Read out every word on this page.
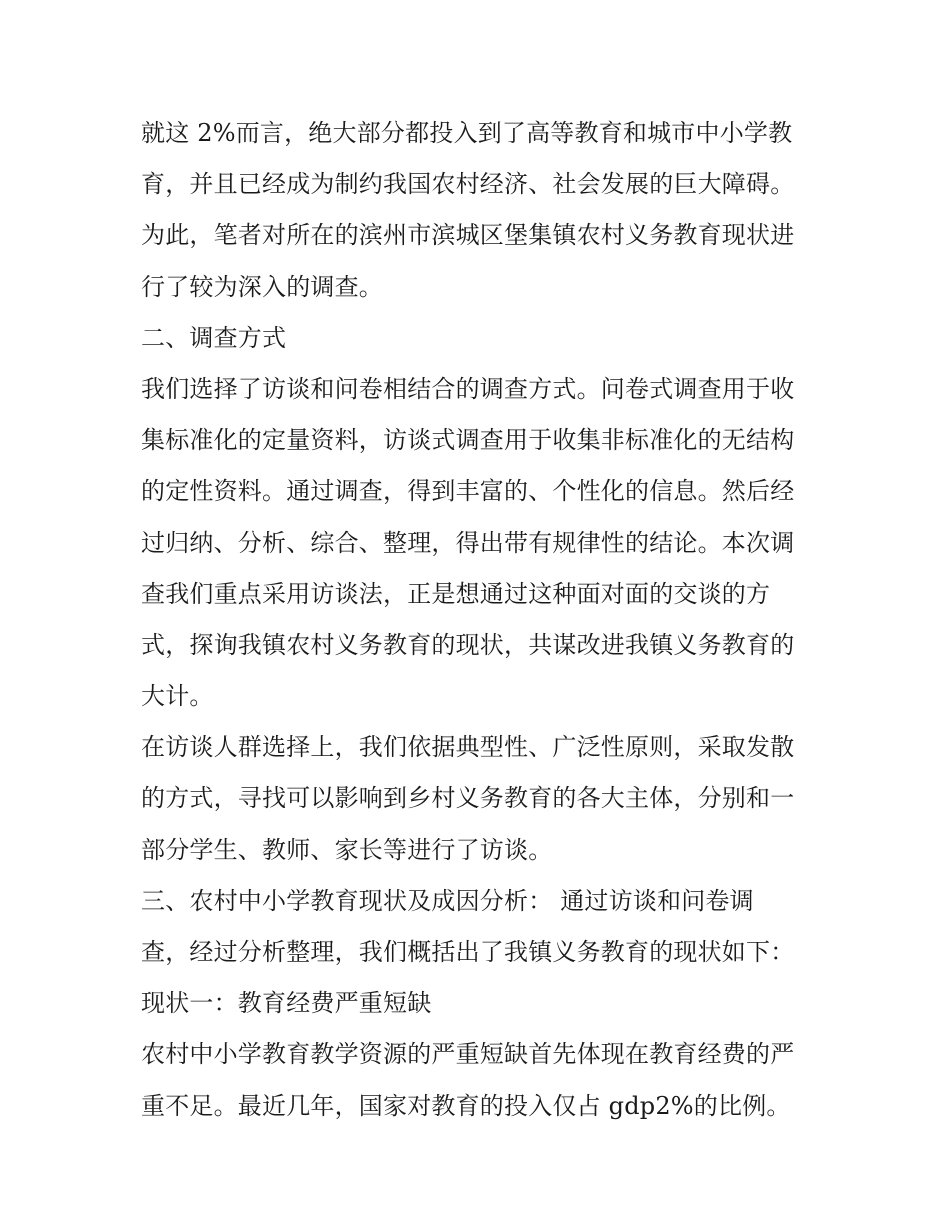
就这 2%而言，绝大部分都投入到了高等教育和城市中小学教
育，并且已经成为制约我国农村经济、社会发展的巨大障碍。
为此，笔者对所在的滨州市滨城区堡集镇农村义务教育现状进
行了较为深入的调查。
二、调查方式
我们选择了访谈和问卷相结合的调查方式。问卷式调查用于收
集标准化的定量资料，访谈式调查用于收集非标准化的无结构
的定性资料。通过调查，得到丰富的、个性化的信息。然后经
过归纳、分析、综合、整理，得出带有规律性的结论。本次调
查我们重点采用访谈法，正是想通过这种面对面的交谈的方
式，探询我镇农村义务教育的现状，共谋改进我镇义务教育的
大计。
在访谈人群选择上，我们依据典型性、广泛性原则，采取发散
的方式，寻找可以影响到乡村义务教育的各大主体，分别和一
部分学生、教师、家长等进行了访谈。
三、农村中小学教育现状及成因分析： 通过访谈和问卷调
查，经过分析整理，我们概括出了我镇义务教育的现状如下：
现状一：教育经费严重短缺
农村中小学教育教学资源的严重短缺首先体现在教育经费的严
重不足。最近几年，国家对教育的投入仅占 gdp2%的比例。
